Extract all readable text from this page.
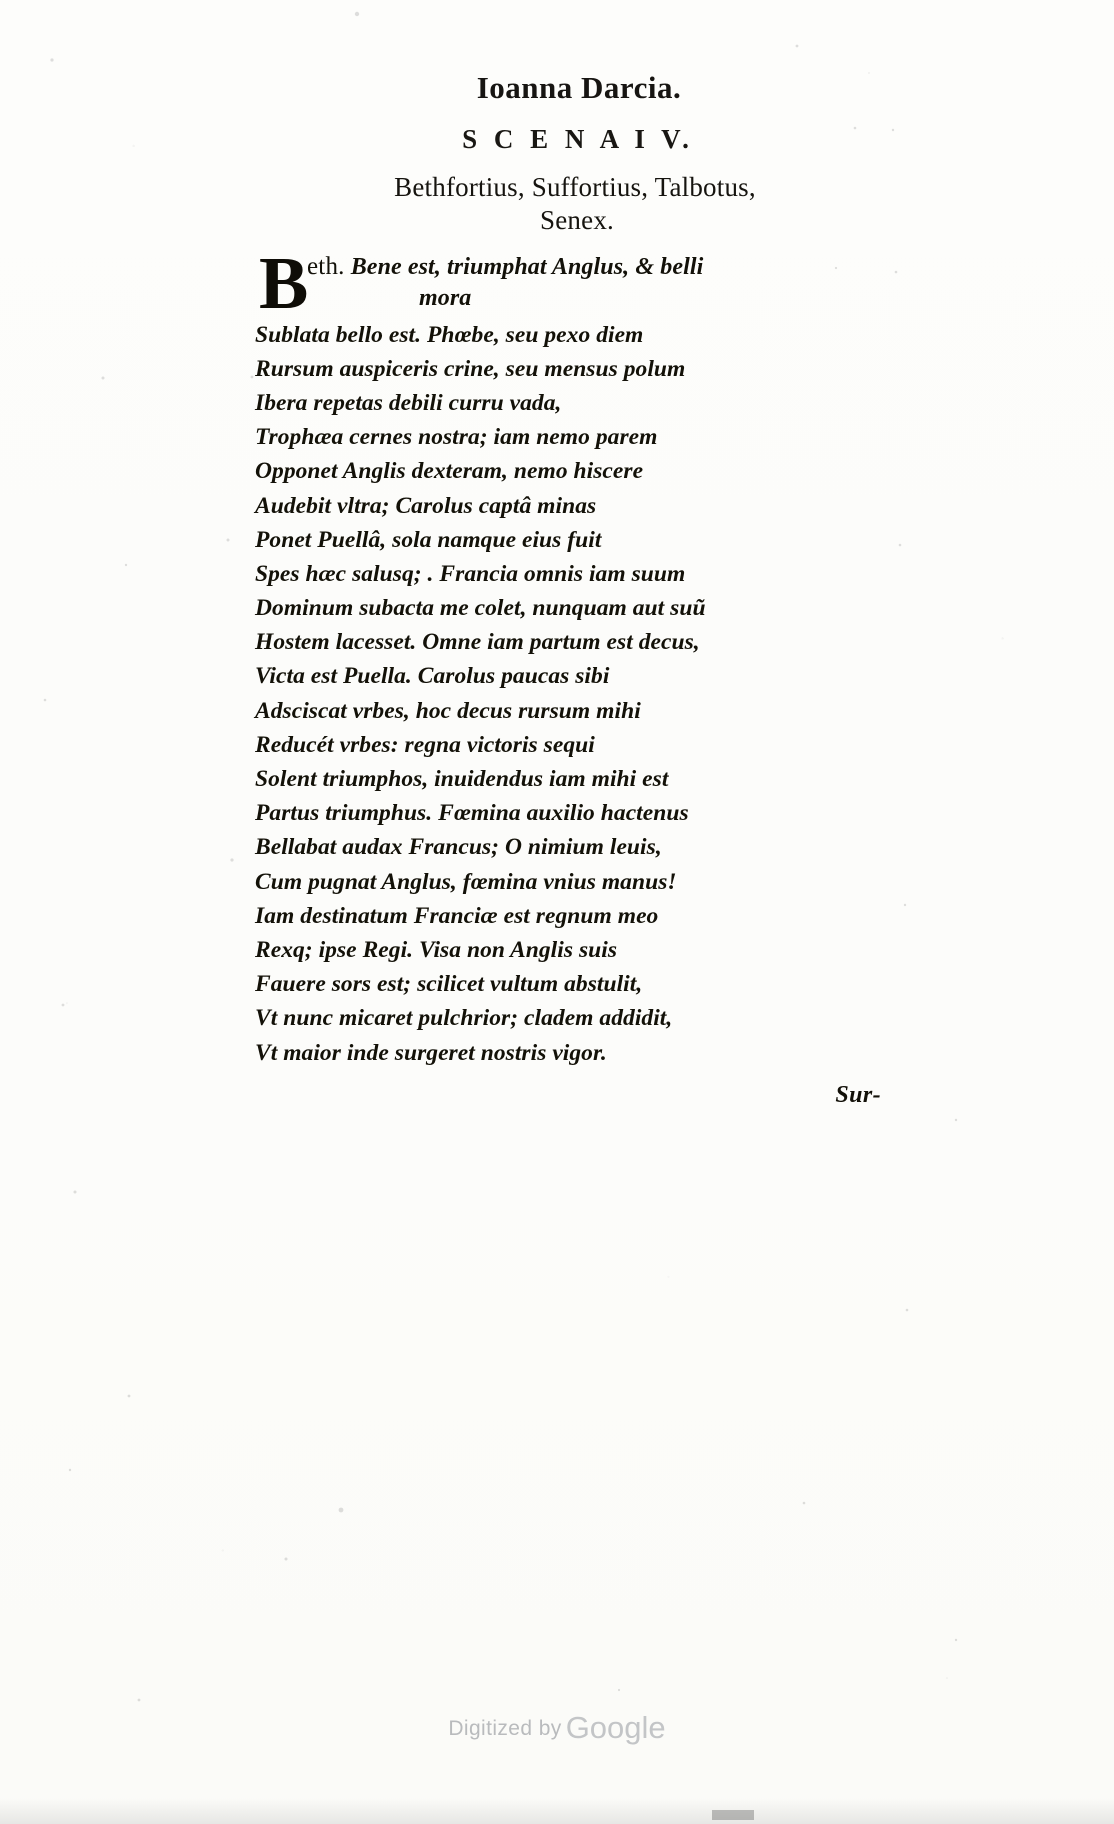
Ioanna Darcia.
S C E N A I V.
Bethfortius, Suffortius, Talbotus,
Senex.
B
eth. Bene est, triumphat Anglus, & belli
mora
Sublata bello est. Phœbe, seu pexo diem
Rursum auspiceris crine, seu mensus polum
Ibera repetas debili curru vada,
Trophæa cernes nostra; iam nemo parem
Opponet Anglis dexteram, nemo hiscere
Audebit vltra; Carolus captâ minas
Ponet Puellâ, sola namque eius fuit
Spes hæc salusq; . Francia omnis iam suum
Dominum subacta me colet, nunquam aut suũ
Hostem lacesset. Omne iam partum est decus,
Victa est Puella. Carolus paucas sibi
Adsciscat vrbes, hoc decus rursum mihi
Reducét vrbes: regna victoris sequi
Solent triumphos, inuidendus iam mihi est
Partus triumphus. Fœmina auxilio hactenus
Bellabat audax Francus; O nimium leuis,
Cum pugnat Anglus, fœmina vnius manus!
Iam destinatum Franciæ est regnum meo
Rexq; ipse Regi. Visa non Anglis suis
Fauere sors est; scilicet vultum abstulit,
Vt nunc micaret pulchrior; cladem addidit,
Vt maior inde surgeret nostris vigor.
Sur-
Digitized by Google
